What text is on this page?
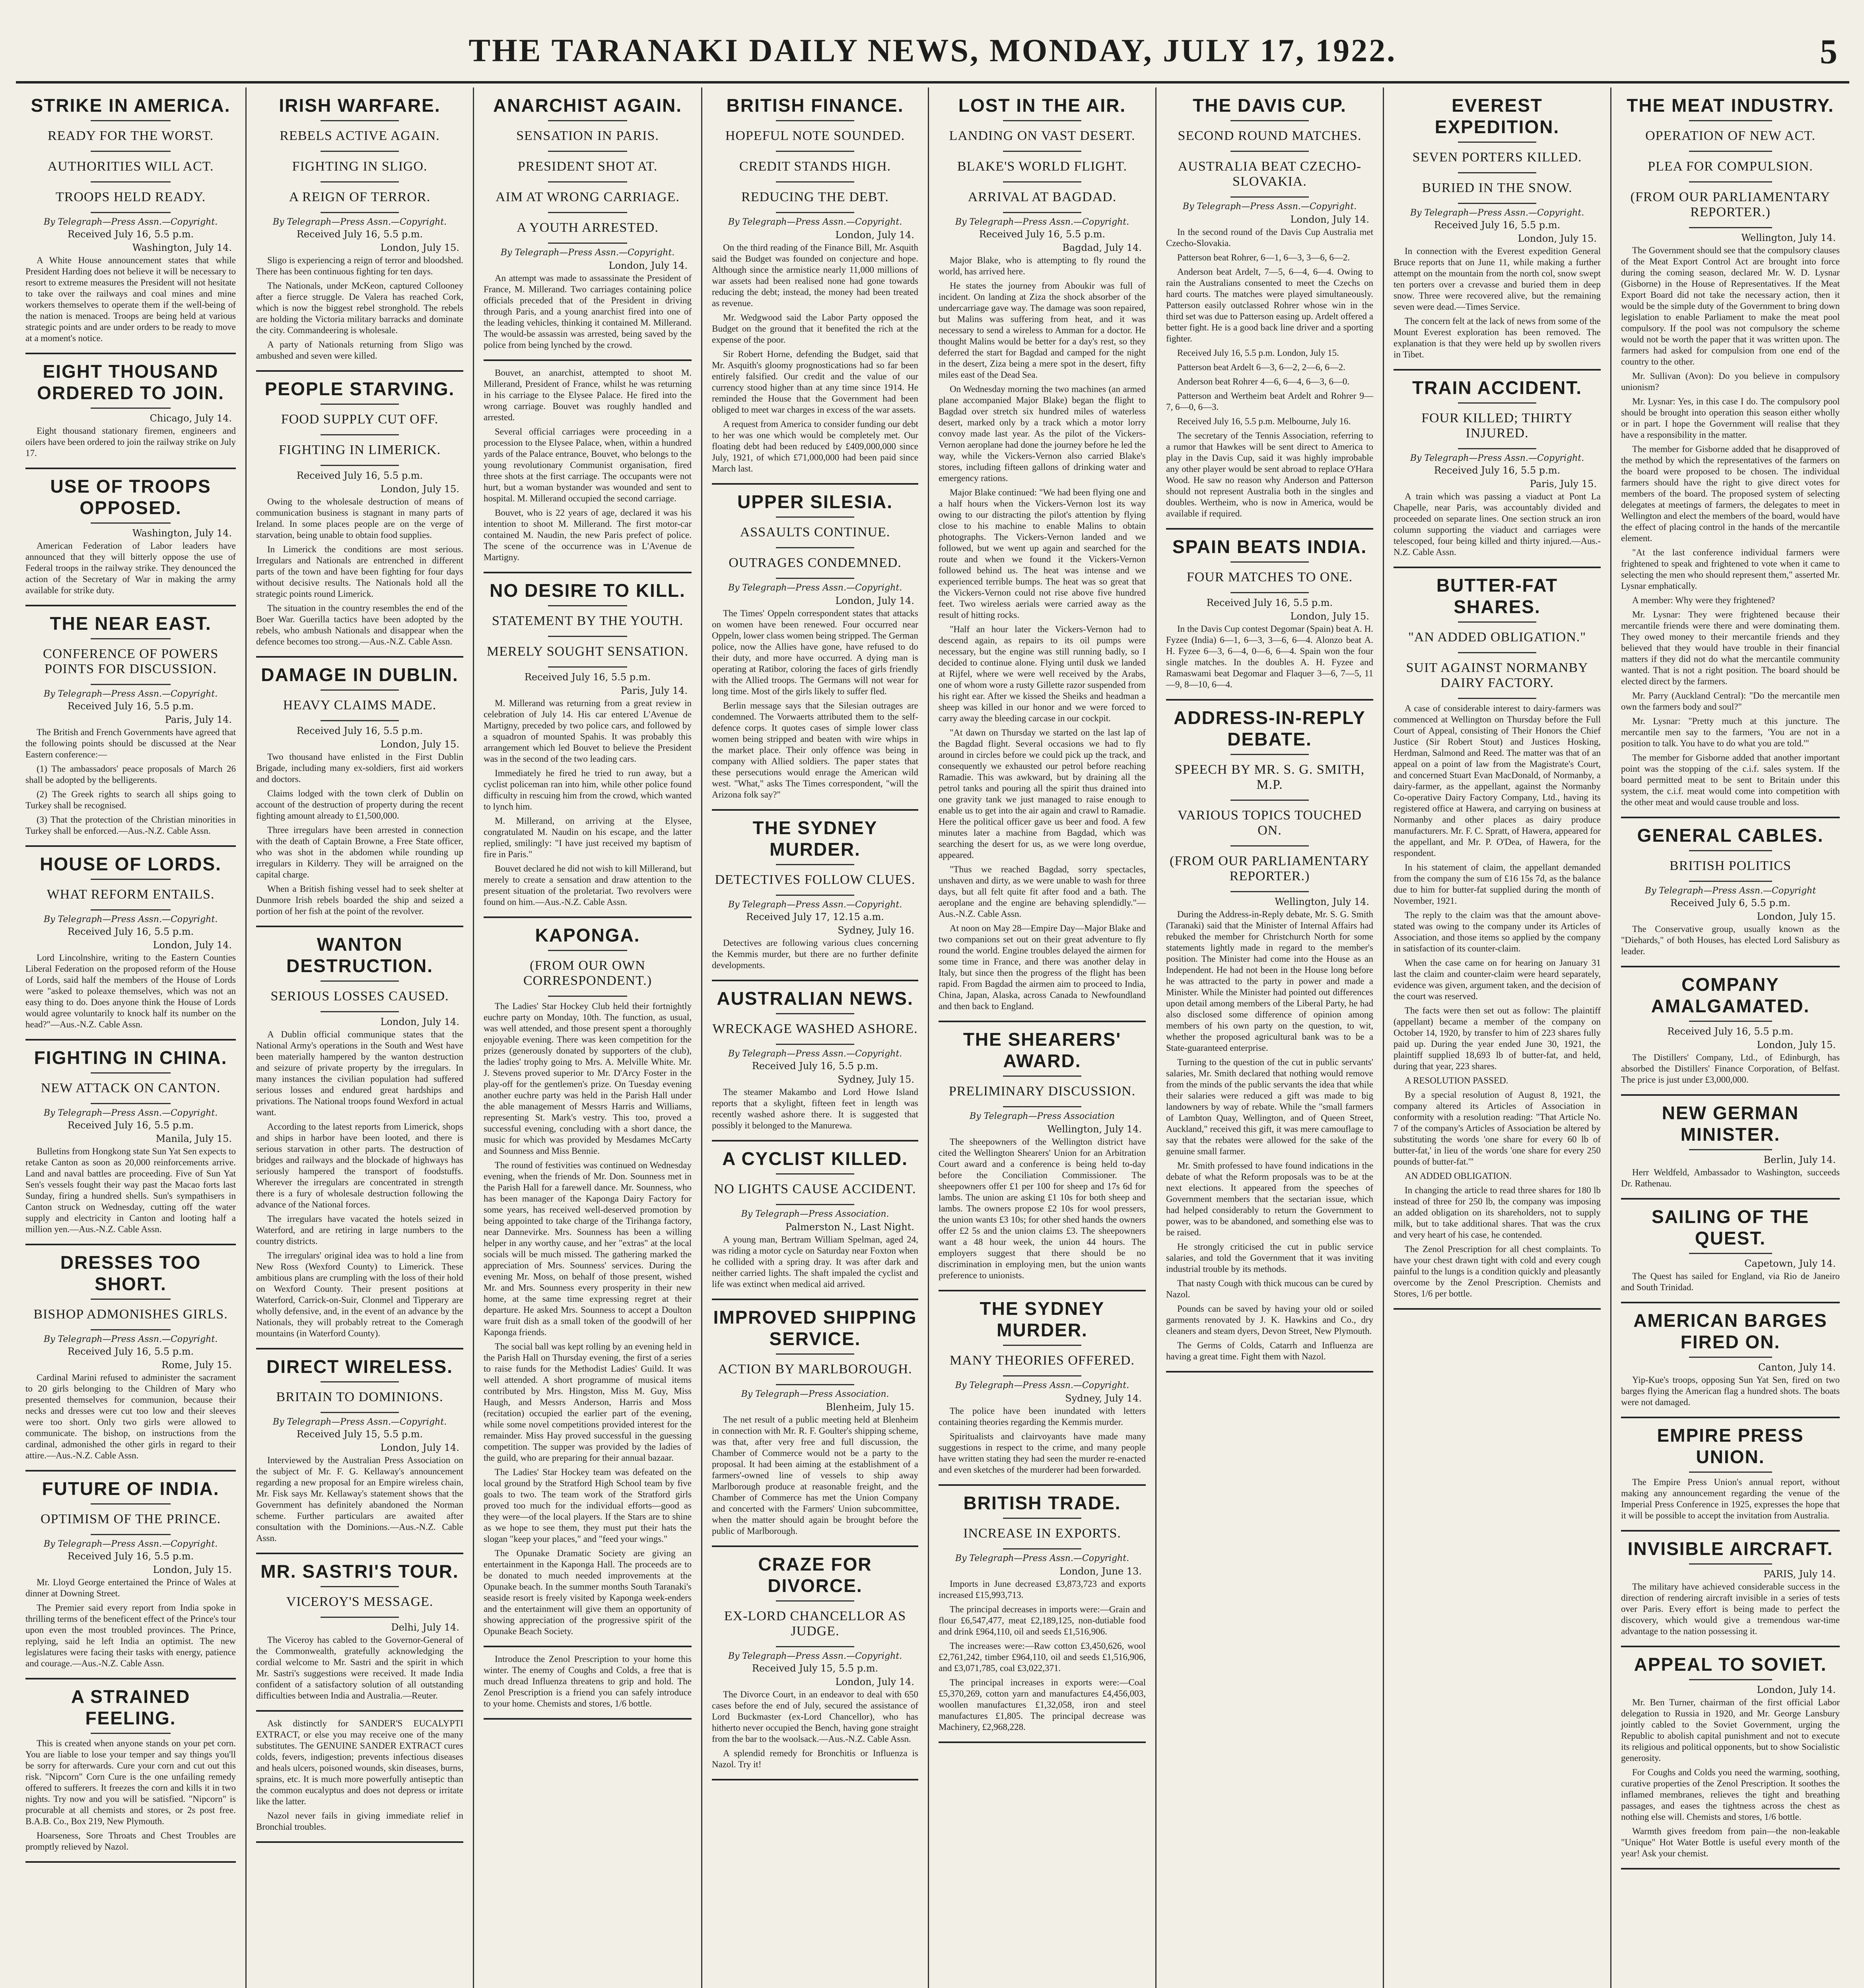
THE TARANAKI DAILY NEWS, MONDAY, JULY 17, 1922.	5
STRIKE IN AMERICA.
READY FOR THE WORST.
AUTHORITIES WILL ACT.
TROOPS HELD READY.
By Telegraph—Press Assn.—Copyright.
Received July 16, 5.5 p.m.
Washington, July 14.

A White House announcement states that while President Harding does not believe it will be necessary to resort to extreme measures the President will not hesitate to take over the railways and coal mines and mine workers themselves to operate them if the well-being of the nation is menaced. Troops are being held at various strategic points and are under orders to be ready to move at a moment's notice.

EIGHT THOUSAND ORDERED TO JOIN.
Chicago, July 14.

Eight thousand stationary firemen, engineers and oilers have been ordered to join the railway strike on July 17.

USE OF TROOPS OPPOSED.
Washington, July 14.

American Federation of Labor leaders have announced that they will bitterly oppose the use of Federal troops in the railway strike. They denounced the action of the Secretary of War in making the army available for strike duty.

THE NEAR EAST.
CONFERENCE OF POWERS POINTS FOR DISCUSSION.
By Telegraph—Press Assn.—Copyright.
Received July 16, 5.5 p.m.
Paris, July 14.

The British and French Governments have agreed that the following points should be discussed at the Near Eastern conference:—

(1) The ambassadors' peace proposals of March 26 shall be adopted by the belligerents.

(2) The Greek rights to search all ships going to Turkey shall be recognised.

(3) That the protection of the Christian minorities in Turkey shall be enforced.—Aus.-N.Z. Cable Assn.

HOUSE OF LORDS.
WHAT REFORM ENTAILS.
By Telegraph—Press Assn.—Copyright.
Received July 16, 5.5 p.m.
London, July 14.

Lord Lincolnshire, writing to the Eastern Counties Liberal Federation on the proposed reform of the House of Lords, said half the members of the House of Lords were "asked to poleaxe themselves, which was not an easy thing to do. Does anyone think the House of Lords would agree voluntarily to knock half its number on the head?"—Aus.-N.Z. Cable Assn.

FIGHTING IN CHINA.
NEW ATTACK ON CANTON.
By Telegraph—Press Assn.—Copyright.
Received July 16, 5.5 p.m.
Manila, July 15.

Bulletins from Hongkong state Sun Yat Sen expects to retake Canton as soon as 20,000 reinforcements arrive. Land and naval battles are proceeding. Five of Sun Yat Sen's vessels fought their way past the Macao forts last Sunday, firing a hundred shells. Sun's sympathisers in Canton struck on Wednesday, cutting off the water supply and electricity in Canton and looting half a million yen.—Aus.-N.Z. Cable Assn.

DRESSES TOO SHORT.
BISHOP ADMONISHES GIRLS.
By Telegraph—Press Assn.—Copyright.
Received July 16, 5.5 p.m.
Rome, July 15.

Cardinal Marini refused to administer the sacrament to 20 girls belonging to the Children of Mary who presented themselves for communion, because their necks and dresses were cut too low and their sleeves were too short. Only two girls were allowed to communicate. The bishop, on instructions from the cardinal, admonished the other girls in regard to their attire.—Aus.-N.Z. Cable Assn.

FUTURE OF INDIA.
OPTIMISM OF THE PRINCE.
By Telegraph—Press Assn.—Copyright.
Received July 16, 5.5 p.m.
London, July 15.

Mr. Lloyd George entertained the Prince of Wales at dinner at Downing Street.

The Premier said every report from India spoke in thrilling terms of the beneficent effect of the Prince's tour upon even the most troubled provinces. The Prince, replying, said he left India an optimist. The new legislatures were facing their tasks with energy, patience and courage.—Aus.-N.Z. Cable Assn.

A STRAINED FEELING.

This is created when anyone stands on your pet corn. You are liable to lose your temper and say things you'll be sorry for afterwards. Cure your corn and cut out this risk. "Nipcorn" Corn Cure is the one unfailing remedy offered to sufferers. It freezes the corn and kills it in two nights. Try now and you will be satisfied. "Nipcorn" is procurable at all chemists and stores, or 2s post free. B.A.B. Co., Box 219, New Plymouth.

Hoarseness, Sore Throats and Chest Troubles are promptly relieved by Nazol.

IRISH WARFARE.
REBELS ACTIVE AGAIN.
FIGHTING IN SLIGO.
A REIGN OF TERROR.
By Telegraph—Press Assn.—Copyright.
Received July 16, 5.5 p.m.
London, July 15.

Sligo is experiencing a reign of terror and bloodshed. There has been continuous fighting for ten days.

The Nationals, under McKeon, captured Collooney after a fierce struggle. De Valera has reached Cork, which is now the biggest rebel stronghold. The rebels are holding the Victoria military barracks and dominate the city. Commandeering is wholesale.

A party of Nationals returning from Sligo was ambushed and seven were killed.

PEOPLE STARVING.
FOOD SUPPLY CUT OFF.
FIGHTING IN LIMERICK.
Received July 16, 5.5 p.m.
London, July 15.

Owing to the wholesale destruction of means of communication business is stagnant in many parts of Ireland. In some places people are on the verge of starvation, being unable to obtain food supplies.

In Limerick the conditions are most serious. Irregulars and Nationals are entrenched in different parts of the town and have been fighting for four days without decisive results. The Nationals hold all the strategic points round Limerick.

The situation in the country resembles the end of the Boer War. Guerilla tactics have been adopted by the rebels, who ambush Nationals and disappear when the defence becomes too strong.—Aus.-N.Z. Cable Assn.

DAMAGE IN DUBLIN.
HEAVY CLAIMS MADE.
Received July 16, 5.5 p.m.
London, July 15.

Two thousand have enlisted in the First Dublin Brigade, including many ex-soldiers, first aid workers and doctors.

Claims lodged with the town clerk of Dublin on account of the destruction of property during the recent fighting amount already to £1,500,000.

Three irregulars have been arrested in connection with the death of Captain Browne, a Free State officer, who was shot in the abdomen while rounding up irregulars in Kilderry. They will be arraigned on the capital charge.

When a British fishing vessel had to seek shelter at Dunmore Irish rebels boarded the ship and seized a portion of her fish at the point of the revolver.

WANTON DESTRUCTION.
SERIOUS LOSSES CAUSED.
London, July 14.

A Dublin official communique states that the National Army's operations in the South and West have been materially hampered by the wanton destruction and seizure of private property by the irregulars. In many instances the civilian population had suffered serious losses and endured great hardships and privations. The National troops found Wexford in actual want.

According to the latest reports from Limerick, shops and ships in harbor have been looted, and there is serious starvation in other parts. The destruction of bridges and railways and the blockade of highways has seriously hampered the transport of foodstuffs. Wherever the irregulars are concentrated in strength there is a fury of wholesale destruction following the advance of the National forces.

The irregulars have vacated the hotels seized in Waterford, and are retiring in large numbers to the country districts.

The irregulars' original idea was to hold a line from New Ross (Wexford County) to Limerick. These ambitious plans are crumpling with the loss of their hold on Wexford County. Their present positions at Waterford, Carrick-on-Suir, Clonmel and Tipperary are wholly defensive, and, in the event of an advance by the Nationals, they will probably retreat to the Comeragh mountains (in Waterford County).

DIRECT WIRELESS.
BRITAIN TO DOMINIONS.
By Telegraph—Press Assn.—Copyright.
Received July 15, 5.5 p.m.
London, July 14.

Interviewed by the Australian Press Association on the subject of Mr. F. G. Kellaway's announcement regarding a new proposal for an Empire wireless chain, Mr. Fisk says Mr. Kellaway's statement shows that the Government has definitely abandoned the Norman scheme. Further particulars are awaited after consultation with the Dominions.—Aus.-N.Z. Cable Assn.

MR. SASTRI'S TOUR.
VICEROY'S MESSAGE.
Delhi, July 14.

The Viceroy has cabled to the Governor-General of the Commonwealth, gratefully acknowledging the cordial welcome to Mr. Sastri and the spirit in which Mr. Sastri's suggestions were received. It made India confident of a satisfactory solution of all outstanding difficulties between India and Australia.—Reuter.

Ask distinctly for SANDER'S EUCALYPTI EXTRACT, or else you may receive one of the many substitutes. The GENUINE SANDER EXTRACT cures colds, fevers, indigestion; prevents infectious diseases and heals ulcers, poisoned wounds, skin diseases, burns, sprains, etc. It is much more powerfully antiseptic than the common eucalyptus and does not depress or irritate like the latter.

Nazol never fails in giving immediate relief in Bronchial troubles.

ANARCHIST AGAIN.
SENSATION IN PARIS.
PRESIDENT SHOT AT.
AIM AT WRONG CARRIAGE.
A YOUTH ARRESTED.
By Telegraph—Press Assn.—Copyright.
London, July 14.

An attempt was made to assassinate the President of France, M. Millerand. Two carriages containing police officials preceded that of the President in driving through Paris, and a young anarchist fired into one of the leading vehicles, thinking it contained M. Millerand. The would-be assassin was arrested, being saved by the police from being lynched by the crowd.

Bouvet, an anarchist, attempted to shoot M. Millerand, President of France, whilst he was returning in his carriage to the Elysee Palace. He fired into the wrong carriage. Bouvet was roughly handled and arrested.

Several official carriages were proceeding in a procession to the Elysee Palace, when, within a hundred yards of the Palace entrance, Bouvet, who belongs to the young revolutionary Communist organisation, fired three shots at the first carriage. The occupants were not hurt, but a woman bystander was wounded and sent to hospital. M. Millerand occupied the second carriage.

Bouvet, who is 22 years of age, declared it was his intention to shoot M. Millerand. The first motor-car contained M. Naudin, the new Paris prefect of police. The scene of the occurrence was in L'Avenue de Martigny.

NO DESIRE TO KILL.
STATEMENT BY THE YOUTH.
MERELY SOUGHT SENSATION.
Received July 16, 5.5 p.m.
Paris, July 14.

M. Millerand was returning from a great review in celebration of July 14. His car entered L'Avenue de Martigny, preceded by two police cars, and followed by a squadron of mounted Spahis. It was probably this arrangement which led Bouvet to believe the President was in the second of the two leading cars.

Immediately he fired he tried to run away, but a cyclist policeman ran into him, while other police found difficulty in rescuing him from the crowd, which wanted to lynch him.

M. Millerand, on arriving at the Elysee, congratulated M. Naudin on his escape, and the latter replied, smilingly: "I have just received my baptism of fire in Paris."

Bouvet declared he did not wish to kill Millerand, but merely to create a sensation and draw attention to the present situation of the proletariat. Two revolvers were found on him.—Aus.-N.Z. Cable Assn.

KAPONGA.
(FROM OUR OWN CORRESPONDENT.)

The Ladies' Star Hockey Club held their fortnightly euchre party on Monday, 10th. The function, as usual, was well attended, and those present spent a thoroughly enjoyable evening. There was keen competition for the prizes (generously donated by supporters of the club), the ladies' trophy going to Mrs. A. Melville White. Mr. J. Stevens proved superior to Mr. D'Arcy Foster in the play-off for the gentlemen's prize. On Tuesday evening another euchre party was held in the Parish Hall under the able management of Messrs Harris and Williams, representing St. Mark's vestry. This too, proved a successful evening, concluding with a short dance, the music for which was provided by Mesdames McCarty and Sounness and Miss Bennie.

The round of festivities was continued on Wednesday evening, when the friends of Mr. Don. Sounness met in the Parish Hall for a farewell dance. Mr. Sounness, who has been manager of the Kaponga Dairy Factory for some years, has received well-deserved promotion by being appointed to take charge of the Tirihanga factory, near Dannevirke. Mrs. Sounness has been a willing helper in any worthy cause, and her "extras" at the local socials will be much missed. The gathering marked the appreciation of Mrs. Sounness' services. During the evening Mr. Moss, on behalf of those present, wished Mr. and Mrs. Sounness every prosperity in their new home, at the same time expressing regret at their departure. He asked Mrs. Sounness to accept a Doulton ware fruit dish as a small token of the goodwill of her Kaponga friends.

The social ball was kept rolling by an evening held in the Parish Hall on Thursday evening, the first of a series to raise funds for the Methodist Ladies' Guild. It was well attended. A short programme of musical items contributed by Mrs. Hingston, Miss M. Guy, Miss Haugh, and Messrs Anderson, Harris and Moss (recitation) occupied the earlier part of the evening, while some novel competitions provided interest for the remainder. Miss Hay proved successful in the guessing competition. The supper was provided by the ladies of the guild, who are preparing for their annual bazaar.

The Ladies' Star Hockey team was defeated on the local ground by the Stratford High School team by five goals to two. The team work of the Stratford girls proved too much for the individual efforts—good as they were—of the local players. If the Stars are to shine as we hope to see them, they must put their hats the slogan "keep your places," and "feed your wings."

The Opunake Dramatic Society are giving an entertainment in the Kaponga Hall. The proceeds are to be donated to much needed improvements at the Opunake beach. In the summer months South Taranaki's seaside resort is freely visited by Kaponga week-enders and the entertainment will give them an opportunity of showing appreciation of the progressive spirit of the Opunake Beach Society.

Introduce the Zenol Prescription to your home this winter. The enemy of Coughs and Colds, a free that is much dread Influenza threatens to grip and hold. The Zenol Prescription is a friend you can safely introduce to your home. Chemists and stores, 1/6 bottle.

BRITISH FINANCE.
HOPEFUL NOTE SOUNDED.
CREDIT STANDS HIGH.
REDUCING THE DEBT.
By Telegraph—Press Assn.—Copyright.
London, July 14.

On the third reading of the Finance Bill, Mr. Asquith said the Budget was founded on conjecture and hope. Although since the armistice nearly 11,000 millions of war assets had been realised none had gone towards reducing the debt; instead, the money had been treated as revenue.

Mr. Wedgwood said the Labor Party opposed the Budget on the ground that it benefited the rich at the expense of the poor.

Sir Robert Horne, defending the Budget, said that Mr. Asquith's gloomy prognostications had so far been entirely falsified. Our credit and the value of our currency stood higher than at any time since 1914. He reminded the House that the Government had been obliged to meet war charges in excess of the war assets.

A request from America to consider funding our debt to her was one which would be completely met. Our floating debt had been reduced by £409,000,000 since July, 1921, of which £71,000,000 had been paid since March last.

UPPER SILESIA.
ASSAULTS CONTINUE.
OUTRAGES CONDEMNED.
By Telegraph—Press Assn.—Copyright.
London, July 14.

The Times' Oppeln correspondent states that attacks on women have been renewed. Four occurred near Oppeln, lower class women being stripped. The German police, now the Allies have gone, have refused to do their duty, and more have occurred. A dying man is operating at Ratibor, coloring the faces of girls friendly with the Allied troops. The Germans will not wear for long time. Most of the girls likely to suffer fled.

Berlin message says that the Silesian outrages are condemned. The Vorwaerts attributed them to the self-defence corps. It quotes cases of simple lower class women being stripped and beaten with wire whips in the market place. Their only offence was being in company with Allied soldiers. The paper states that these persecutions would enrage the American wild west. "What," asks The Times correspondent, "will the Arizona folk say?"

THE SYDNEY MURDER.
DETECTIVES FOLLOW CLUES.
By Telegraph—Press Assn.—Copyright.
Received July 17, 12.15 a.m.
Sydney, July 16.

Detectives are following various clues concerning the Kemmis murder, but there are no further definite developments.

AUSTRALIAN NEWS.
WRECKAGE WASHED ASHORE.
By Telegraph—Press Assn.—Copyright.
Received July 16, 5.5 p.m.
Sydney, July 15.

The steamer Makambo and Lord Howe Island reports that a skylight, fifteen feet in length was recently washed ashore there. It is suggested that possibly it belonged to the Manurewa.

A CYCLIST KILLED.
NO LIGHTS CAUSE ACCIDENT.
By Telegraph—Press Association.
Palmerston N., Last Night.

A young man, Bertram William Spelman, aged 24, was riding a motor cycle on Saturday near Foxton when he collided with a spring dray. It was after dark and neither carried lights. The shaft impaled the cyclist and life was extinct when medical aid arrived.

IMPROVED SHIPPING SERVICE.
ACTION BY MARLBOROUGH.
By Telegraph—Press Association.
Blenheim, July 15.

The net result of a public meeting held at Blenheim in connection with Mr. R. F. Goulter's shipping scheme, was that, after very free and full discussion, the Chamber of Commerce would not be a party to the proposal. It had been aiming at the establishment of a farmers'-owned line of vessels to ship away Marlborough produce at reasonable freight, and the Chamber of Commerce has met the Union Company and concerted with the Farmers' Union subcommittee, when the matter should again be brought before the public of Marlborough.

CRAZE FOR DIVORCE.
EX-LORD CHANCELLOR AS JUDGE.
By Telegraph—Press Assn.—Copyright.
Received July 15, 5.5 p.m.
London, July 14.

The Divorce Court, in an endeavor to deal with 650 cases before the end of July, secured the assistance of Lord Buckmaster (ex-Lord Chancellor), who has hitherto never occupied the Bench, having gone straight from the bar to the woolsack.—Aus.-N.Z. Cable Assn.

A splendid remedy for Bronchitis or Influenza is Nazol. Try it!

LOST IN THE AIR.
LANDING ON VAST DESERT.
BLAKE'S WORLD FLIGHT.
ARRIVAL AT BAGDAD.
By Telegraph—Press Assn.—Copyright.
Received July 16, 5.5 p.m.
Bagdad, July 14.

Major Blake, who is attempting to fly round the world, has arrived here.

He states the journey from Aboukir was full of incident. On landing at Ziza the shock absorber of the undercarriage gave way. The damage was soon repaired, but Malins was suffering from heat, and it was necessary to send a wireless to Amman for a doctor. He thought Malins would be better for a day's rest, so they deferred the start for Bagdad and camped for the night in the desert, Ziza being a mere spot in the desert, fifty miles east of the Dead Sea.

On Wednesday morning the two machines (an armed plane accompanied Major Blake) began the flight to Bagdad over stretch six hundred miles of waterless desert, marked only by a track which a motor lorry convoy made last year. As the pilot of the Vickers-Vernon aeroplane had done the journey before he led the way, while the Vickers-Vernon also carried Blake's stores, including fifteen gallons of drinking water and emergency rations.

Major Blake continued: "We had been flying one and a half hours when the Vickers-Vernon lost its way owing to our distracting the pilot's attention by flying close to his machine to enable Malins to obtain photographs. The Vickers-Vernon landed and we followed, but we went up again and searched for the route and when we found it the Vickers-Vernon followed behind us. The heat was intense and we experienced terrible bumps. The heat was so great that the Vickers-Vernon could not rise above five hundred feet. Two wireless aerials were carried away as the result of hitting rocks.

"Half an hour later the Vickers-Vernon had to descend again, as repairs to its oil pumps were necessary, but the engine was still running badly, so I decided to continue alone. Flying until dusk we landed at Rijfel, where we were well received by the Arabs, one of whom wore a rusty Gillette razor suspended from his right ear. After we kissed the Sheiks and headman a sheep was killed in our honor and we were forced to carry away the bleeding carcase in our cockpit.

"At dawn on Thursday we started on the last lap of the Bagdad flight. Several occasions we had to fly around in circles before we could pick up the track, and consequently we exhausted our petrol before reaching Ramadie. This was awkward, but by draining all the petrol tanks and pouring all the spirit thus drained into one gravity tank we just managed to raise enough to enable us to get into the air again and crawl to Ramadie. Here the political officer gave us beer and food. A few minutes later a machine from Bagdad, which was searching the desert for us, as we were long overdue, appeared.

"Thus we reached Bagdad, sorry spectacles, unshaven and dirty, as we were unable to wash for three days, but all felt quite fit after food and a bath. The aeroplane and the engine are behaving splendidly."—Aus.-N.Z. Cable Assn.

At noon on May 28—Empire Day—Major Blake and two companions set out on their great adventure to fly round the world. Engine troubles delayed the airmen for some time in France, and there was another delay in Italy, but since then the progress of the flight has been rapid. From Bagdad the airmen aim to proceed to India, China, Japan, Alaska, across Canada to Newfoundland and then back to England.

THE SHEARERS' AWARD.
PRELIMINARY DISCUSSION.
By Telegraph—Press Association
Wellington, July 14.

The sheepowners of the Wellington district have cited the Wellington Shearers' Union for an Arbitration Court award and a conference is being held to-day before the Conciliation Commissioner. The sheepowners offer £1 per 100 for sheep and 17s 6d for lambs. The union are asking £1 10s for both sheep and lambs. The owners propose £2 10s for wool pressers, the union wants £3 10s; for other shed hands the owners offer £2 5s and the union claims £3. The sheepowners want a 48 hour week, the union 44 hours. The employers suggest that there should be no discrimination in employing men, but the union wants preference to unionists.

THE SYDNEY MURDER.
MANY THEORIES OFFERED.
By Telegraph—Press Assn.—Copyright.
Sydney, July 14.

The police have been inundated with letters containing theories regarding the Kemmis murder.

Spiritualists and clairvoyants have made many suggestions in respect to the crime, and many people have written stating they had seen the murder re-enacted and even sketches of the murderer had been forwarded.

BRITISH TRADE.
INCREASE IN EXPORTS.
By Telegraph—Press Assn.—Copyright.
London, June 13.

Imports in June decreased £3,873,723 and exports increased £15,993,713.

The principal decreases in imports were:—Grain and flour £6,547,477, meat £2,189,125, non-dutiable food and drink £964,110, oil and seeds £1,516,906.

The increases were:—Raw cotton £3,450,626, wool £2,761,242, timber £964,110, oil and seeds £1,516,906, and £3,071,785, coal £3,022,371.

The principal increases in exports were:—Coal £5,370,269, cotton yarn and manufactures £4,456,003, woollen manufactures £1,32,058, iron and steel manufactures £1,805. The principal decrease was Machinery, £2,968,228.

THE DAVIS CUP.
SECOND ROUND MATCHES.
AUSTRALIA BEAT CZECHO-SLOVAKIA.
By Telegraph—Press Assn.—Copyright.
London, July 14.

In the second round of the Davis Cup Australia met Czecho-Slovakia.

Patterson beat Rohrer, 6—1, 6—3, 3—6, 6—2.

Anderson beat Ardelt, 7—5, 6—4, 6—4. Owing to rain the Australians consented to meet the Czechs on hard courts. The matches were played simultaneously. Patterson easily outclassed Rohrer whose win in the third set was due to Patterson easing up. Ardelt offered a better fight. He is a good back line driver and a sporting fighter.

Received July 16, 5.5 p.m. London, July 15.

Patterson beat Ardelt 6—3, 6—2, 2—6, 6—2.

Anderson beat Rohrer 4—6, 6—4, 6—3, 6—0.

Patterson and Wertheim beat Ardelt and Rohrer 9—7, 6—0, 6—3.

Received July 16, 5.5 p.m. Melbourne, July 16.

The secretary of the Tennis Association, referring to a rumor that Hawkes will be sent direct to America to play in the Davis Cup, said it was highly improbable any other player would be sent abroad to replace O'Hara Wood. He saw no reason why Anderson and Patterson should not represent Australia both in the singles and doubles. Wertheim, who is now in America, would be available if required.

SPAIN BEATS INDIA.
FOUR MATCHES TO ONE.
Received July 16, 5.5 p.m.
London, July 15.

In the Davis Cup contest Degomar (Spain) beat A. H. Fyzee (India) 6—1, 6—3, 3—6, 6—4. Alonzo beat A. H. Fyzee 6—3, 6—4, 0—6, 6—4. Spain won the four single matches. In the doubles A. H. Fyzee and Ramaswami beat Degomar and Flaquer 3—6, 7—5, 11—9, 8—10, 6—4.

ADDRESS-IN-REPLY DEBATE.
SPEECH BY MR. S. G. SMITH, M.P.
VARIOUS TOPICS TOUCHED ON.
(FROM OUR PARLIAMENTARY REPORTER.)
Wellington, July 14.

During the Address-in-Reply debate, Mr. S. G. Smith (Taranaki) said that the Minister of Internal Affairs had rebuked the member for Christchurch North for some statements lightly made in regard to the member's position. The Minister had come into the House as an Independent. He had not been in the House long before he was attracted to the party in power and made a Minister. While the Minister had pointed out differences upon detail among members of the Liberal Party, he had also disclosed some difference of opinion among members of his own party on the question, to wit, whether the proposed agricultural bank was to be a State-guaranteed enterprise.

Turning to the question of the cut in public servants' salaries, Mr. Smith declared that nothing would remove from the minds of the public servants the idea that while their salaries were reduced a gift was made to big landowners by way of rebate. While the "small farmers of Lambton Quay, Wellington, and of Queen Street, Auckland," received this gift, it was mere camouflage to say that the rebates were allowed for the sake of the genuine small farmer.

Mr. Smith professed to have found indications in the debate of what the Reform proposals was to be at the next elections. It appeared from the speeches of Government members that the sectarian issue, which had helped considerably to return the Government to power, was to be abandoned, and something else was to be raised.

He strongly criticised the cut in public service salaries, and told the Government that it was inviting industrial trouble by its methods.

That nasty Cough with thick mucous can be cured by Nazol.

Pounds can be saved by having your old or soiled garments renovated by J. K. Hawkins and Co., dry cleaners and steam dyers, Devon Street, New Plymouth.

The Germs of Colds, Catarrh and Influenza are having a great time. Fight them with Nazol.

EVEREST EXPEDITION.
SEVEN PORTERS KILLED.
BURIED IN THE SNOW.
By Telegraph—Press Assn.—Copyright.
Received July 16, 5.5 p.m.
London, July 15.

In connection with the Everest expedition General Bruce reports that on June 11, while making a further attempt on the mountain from the north col, snow swept ten porters over a crevasse and buried them in deep snow. Three were recovered alive, but the remaining seven were dead.—Times Service.

The concern felt at the lack of news from some of the Mount Everest exploration has been removed. The explanation is that they were held up by swollen rivers in Tibet.

TRAIN ACCIDENT.
FOUR KILLED; THIRTY INJURED.
By Telegraph—Press Assn.—Copyright.
Received July 16, 5.5 p.m.
Paris, July 15.

A train which was passing a viaduct at Pont La Chapelle, near Paris, was accountably divided and proceeded on separate lines. One section struck an iron column supporting the viaduct and carriages were telescoped, four being killed and thirty injured.—Aus.-N.Z. Cable Assn.

BUTTER-FAT SHARES.
"AN ADDED OBLIGATION."
SUIT AGAINST NORMANBY DAIRY FACTORY.

A case of considerable interest to dairy-farmers was commenced at Wellington on Thursday before the Full Court of Appeal, consisting of Their Honors the Chief Justice (Sir Robert Stout) and Justices Hosking, Herdman, Salmond and Reed. The matter was that of an appeal on a point of law from the Magistrate's Court, and concerned Stuart Evan MacDonald, of Normanby, a dairy-farmer, as the appellant, against the Normanby Co-operative Dairy Factory Company, Ltd., having its registered office at Hawera, and carrying on business at Normanby and other places as dairy produce manufacturers. Mr. F. C. Spratt, of Hawera, appeared for the appellant, and Mr. P. O'Dea, of Hawera, for the respondent.

In his statement of claim, the appellant demanded from the company the sum of £16 15s 7d, as the balance due to him for butter-fat supplied during the month of November, 1921.

The reply to the claim was that the amount above-stated was owing to the company under its Articles of Association, and those items so applied by the company in satisfaction of its counter-claim.

When the case came on for hearing on January 31 last the claim and counter-claim were heard separately, evidence was given, argument taken, and the decision of the court was reserved.

The facts were then set out as follow: The plaintiff (appellant) became a member of the company on October 14, 1920, by transfer to him of 223 shares fully paid up. During the year ended June 30, 1921, the plaintiff supplied 18,693 lb of butter-fat, and held, during that year, 223 shares.

A RESOLUTION PASSED.

By a special resolution of August 8, 1921, the company altered its Articles of Association in conformity with a resolution reading: "That Article No. 7 of the company's Articles of Association be altered by substituting the words 'one share for every 60 lb of butter-fat,' in lieu of the words 'one share for every 250 pounds of butter-fat.'"

AN ADDED OBLIGATION.

In changing the article to read three shares for 180 lb instead of three for 250 lb, the company was imposing an added obligation on its shareholders, not to supply milk, but to take additional shares. That was the crux and very heart of his case, he contended.

The Zenol Prescription for all chest complaints. To have your chest drawn tight with cold and every cough painful to the lungs is a condition quickly and pleasantly overcome by the Zenol Prescription. Chemists and Stores, 1/6 per bottle.

THE MEAT INDUSTRY.
OPERATION OF NEW ACT.
PLEA FOR COMPULSION.
(FROM OUR PARLIAMENTARY REPORTER.)
Wellington, July 14.

The Government should see that the compulsory clauses of the Meat Export Control Act are brought into force during the coming season, declared Mr. W. D. Lysnar (Gisborne) in the House of Representatives. If the Meat Export Board did not take the necessary action, then it would be the simple duty of the Government to bring down legislation to enable Parliament to make the meat pool compulsory. If the pool was not compulsory the scheme would not be worth the paper that it was written upon. The farmers had asked for compulsion from one end of the country to the other.

Mr. Sullivan (Avon): Do you believe in compulsory unionism?

Mr. Lysnar: Yes, in this case I do. The compulsory pool should be brought into operation this season either wholly or in part. I hope the Government will realise that they have a responsibility in the matter.

The member for Gisborne added that he disapproved of the method by which the representatives of the farmers on the board were proposed to be chosen. The individual farmers should have the right to give direct votes for members of the board. The proposed system of selecting delegates at meetings of farmers, the delegates to meet in Wellington and elect the members of the board, would have the effect of placing control in the hands of the mercantile element.

"At the last conference individual farmers were frightened to speak and frightened to vote when it came to selecting the men who should represent them," asserted Mr. Lysnar emphatically.

A member: Why were they frightened?

Mr. Lysnar: They were frightened because their mercantile friends were there and were dominating them. They owed money to their mercantile friends and they believed that they would have trouble in their financial matters if they did not do what the mercantile community wanted. That is not a right position. The board should be elected direct by the farmers.

Mr. Parry (Auckland Central): "Do the mercantile men own the farmers body and soul?"

Mr. Lysnar: "Pretty much at this juncture. The mercantile men say to the farmers, 'You are not in a position to talk. You have to do what you are told.'"

The member for Gisborne added that another important point was the stopping of the c.i.f. sales system. If the board permitted meat to be sent to Britain under this system, the c.i.f. meat would come into competition with the other meat and would cause trouble and loss.

GENERAL CABLES.
BRITISH POLITICS
By Telegraph—Press Assn.—Copyright
Received July 6, 5.5 p.m.
London, July 15.

The Conservative group, usually known as the "Diehards," of both Houses, has elected Lord Salisbury as leader.

COMPANY AMALGAMATED.
Received July 16, 5.5 p.m.
London, July 15.

The Distillers' Company, Ltd., of Edinburgh, has absorbed the Distillers' Finance Corporation, of Belfast. The price is just under £3,000,000.

NEW GERMAN MINISTER.
Berlin, July 14.

Herr Weldfeld, Ambassador to Washington, succeeds Dr. Rathenau.

SAILING OF THE QUEST.
Capetown, July 14.

The Quest has sailed for England, via Rio de Janeiro and South Trinidad.

AMERICAN BARGES FIRED ON.
Canton, July 14.

Yip-Kue's troops, opposing Sun Yat Sen, fired on two barges flying the American flag a hundred shots. The boats were not damaged.

EMPIRE PRESS UNION.

The Empire Press Union's annual report, without making any announcement regarding the venue of the Imperial Press Conference in 1925, expresses the hope that it will be possible to accept the invitation from Australia.

INVISIBLE AIRCRAFT.
PARIS, July 14.

The military have achieved considerable success in the direction of rendering aircraft invisible in a series of tests over Paris. Every effort is being made to perfect the discovery, which would give a tremendous war-time advantage to the nation possessing it.

APPEAL TO SOVIET.
London, July 14.

Mr. Ben Turner, chairman of the first official Labor delegation to Russia in 1920, and Mr. George Lansbury jointly cabled to the Soviet Government, urging the Republic to abolish capital punishment and not to execute its religious and political opponents, but to show Socialistic generosity.

For Coughs and Colds you need the warming, soothing, curative properties of the Zenol Prescription. It soothes the inflamed membranes, relieves the tight and breathing passages, and eases the tightness across the chest as nothing else will. Chemists and stores, 1/6 bottle.

Warmth gives freedom from pain—the non-leakable "Unique" Hot Water Bottle is useful every month of the year! Ask your chemist.
